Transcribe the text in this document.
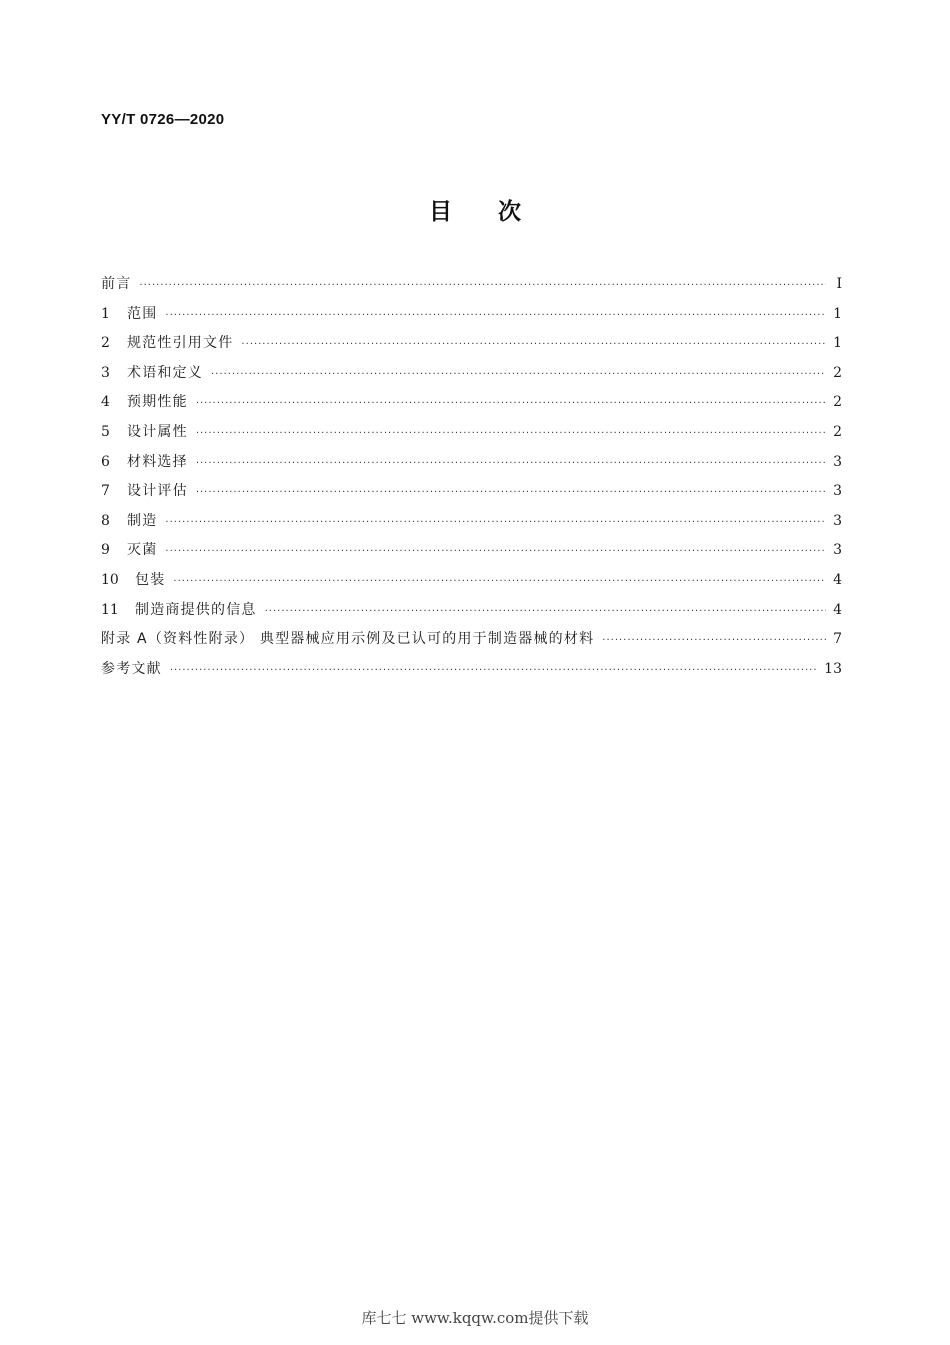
YY/T 0726—2020
目次
前言 ·····	Ⅰ
1	范围 ·····	1
2	规范性引用文件 ·····	1
3	术语和定义 ·····	2
4	预期性能 ·····	2
5	设计属性 ·····	2
6	材料选择 ·····	3
7	设计评估 ·····	3
8	制造 ·····	3
9	灭菌 ·····	3
10	包装 ·····	4
11	制造商提供的信息 ·····	4
附录 A（资料性附录） 典型器械应用示例及已认可的用于制造器械的材料 ·····	7
参考文献 ·····	13
库七七 www.kqqw.com提供下载
